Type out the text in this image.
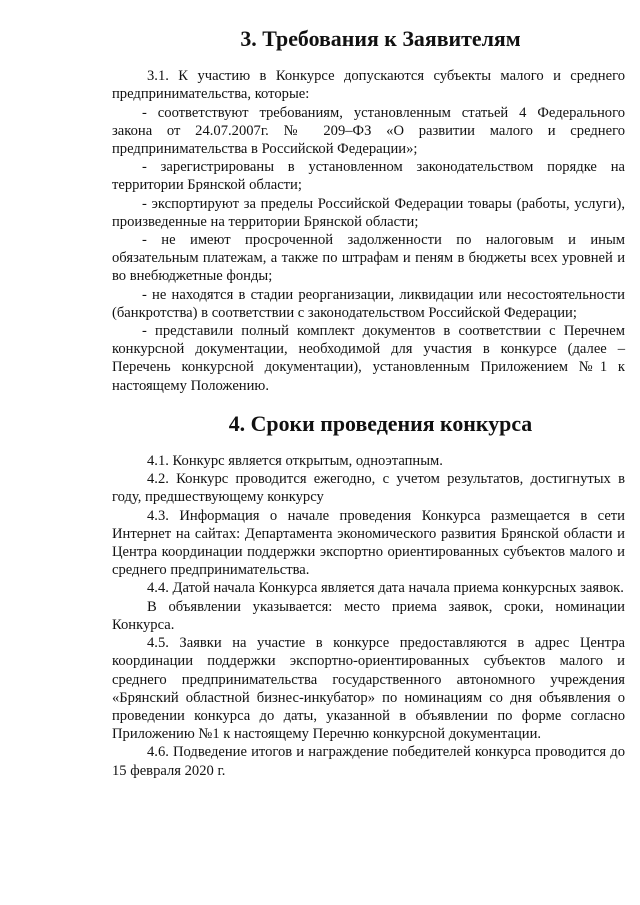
3. Требования к Заявителям

3.1. К участию в Конкурсе допускаются субъекты малого и среднего предпринимательства, которые:

- соответствуют требованиям, установленным статьей 4 Федерального закона от 24.07.2007г. № 209–ФЗ «О развитии малого и среднего предпринимательства в Российской Федерации»;

- зарегистрированы в установленном законодательством порядке на территории Брянской области;

- экспортируют за пределы Российской Федерации товары (работы, услуги), произведенные на территории Брянской области;

- не имеют просроченной задолженности по налоговым и иным обязательным платежам, а также по штрафам и пеням в бюджеты всех уровней и во внебюджетные фонды;

- не находятся в стадии реорганизации, ликвидации или несостоятельности (банкротства) в соответствии с законодательством Российской Федерации;

- представили полный комплект документов в соответствии с Перечнем конкурсной документации, необходимой для участия в конкурсе (далее – Перечень конкурсной документации), установленным Приложением №1 к настоящему Положению.

4. Сроки проведения конкурса

4.1. Конкурс является открытым, одноэтапным.

4.2. Конкурс проводится ежегодно, с учетом результатов, достигнутых в году, предшествующему конкурсу

4.3. Информация о начале проведения Конкурса размещается в сети Интернет на сайтах: Департамента экономического развития Брянской области и Центра координации поддержки экспортно ориентированных субъектов малого и среднего предпринимательства.

4.4. Датой начала Конкурса является дата начала приема конкурсных заявок.

В объявлении указывается: место приема заявок, сроки, номинации Конкурса.

4.5. Заявки на участие в конкурсе предоставляются в адрес Центра координации поддержки экспортно-ориентированных субъектов малого и среднего предпринимательства государственного автономного учреждения «Брянский областной бизнес-инкубатор» по номинациям со дня объявления о проведении конкурса до даты, указанной в объявлении по форме согласно Приложению №1 к настоящему Перечню конкурсной документации.

4.6. Подведение итогов и награждение победителей конкурса проводится до 15 февраля 2020 г.
